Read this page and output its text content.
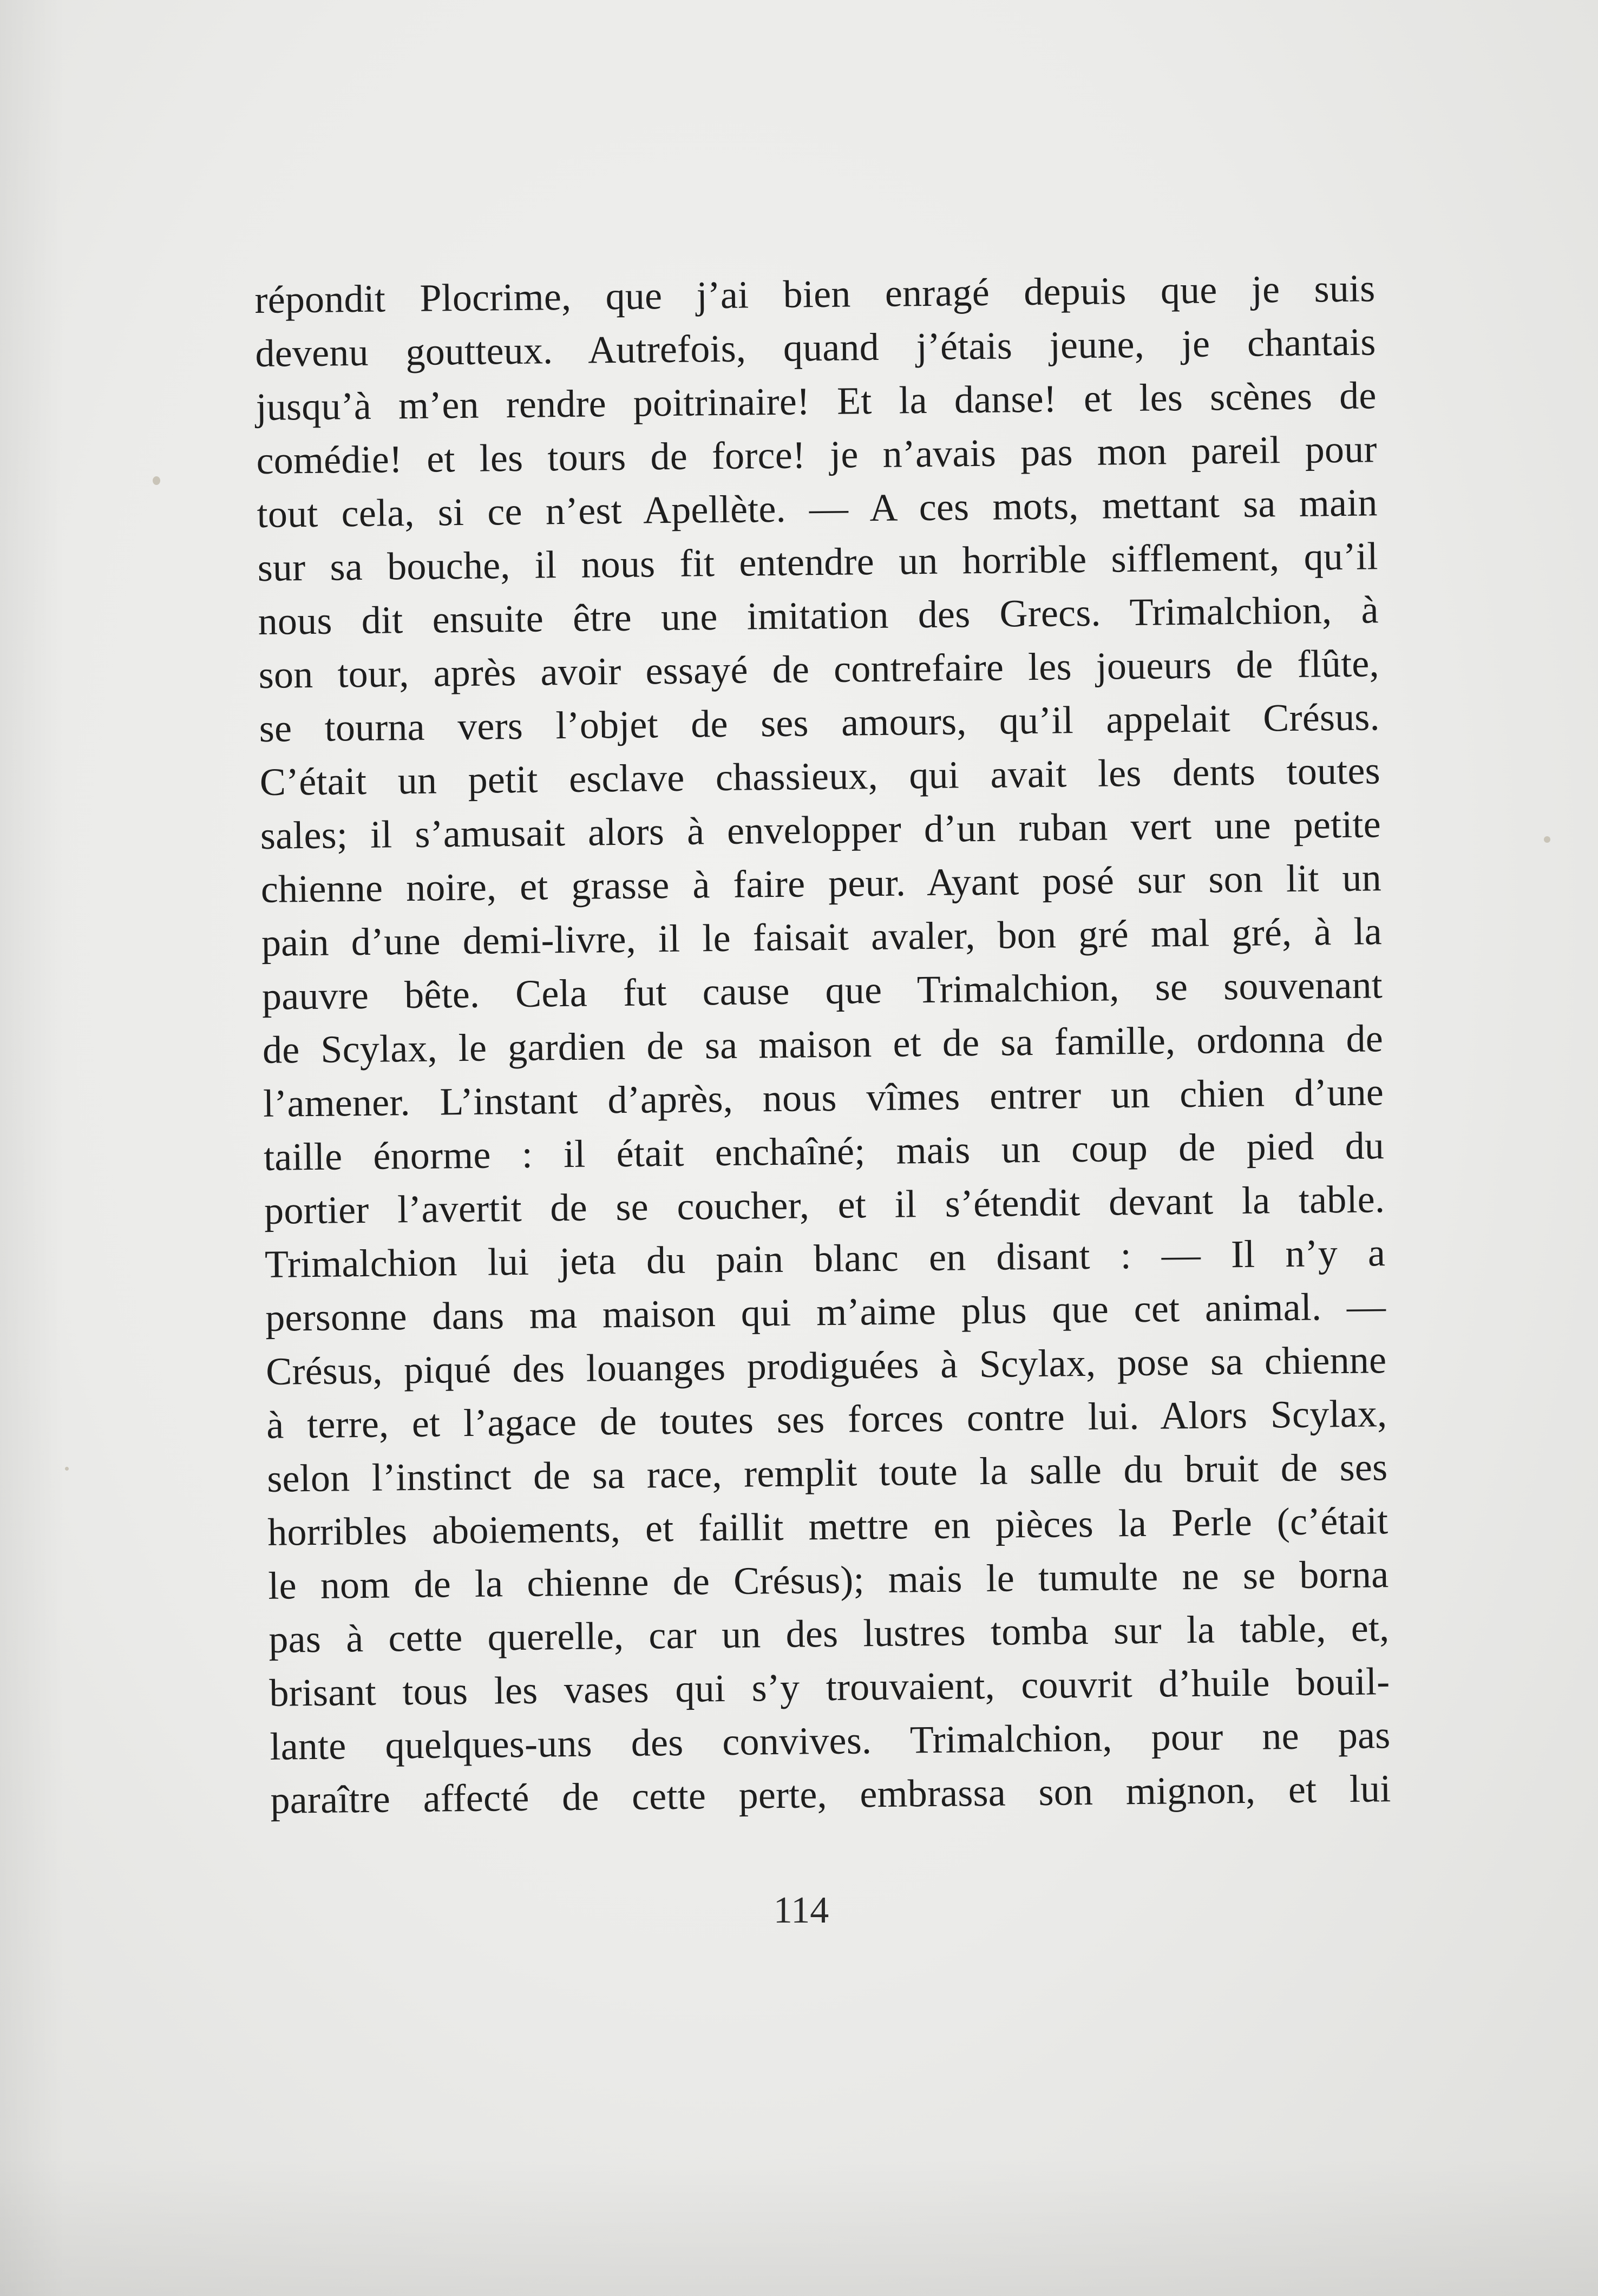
répondit Plocrime, que j’ai bien enragé depuis que je suis
devenu goutteux. Autrefois, quand j’étais jeune, je chantais
jusqu’à m’en rendre poitrinaire! Et la danse! et les scènes de
comédie! et les tours de force! je n’avais pas mon pareil pour
tout cela, si ce n’est Apellète. — A ces mots, mettant sa main
sur sa bouche, il nous fit entendre un horrible sifflement, qu’il
nous dit ensuite être une imitation des Grecs. Trimalchion, à
son tour, après avoir essayé de contrefaire les joueurs de flûte,
se tourna vers l’objet de ses amours, qu’il appelait Crésus.
C’était un petit esclave chassieux, qui avait les dents toutes
sales; il s’amusait alors à envelopper d’un ruban vert une petite
chienne noire, et grasse à faire peur. Ayant posé sur son lit un
pain d’une demi-livre, il le faisait avaler, bon gré mal gré, à la
pauvre bête. Cela fut cause que Trimalchion, se souvenant
de Scylax, le gardien de sa maison et de sa famille, ordonna de
l’amener. L’instant d’après, nous vîmes entrer un chien d’une
taille énorme : il était enchaîné; mais un coup de pied du
portier l’avertit de se coucher, et il s’étendit devant la table.
Trimalchion lui jeta du pain blanc en disant : — Il n’y a
personne dans ma maison qui m’aime plus que cet animal. —
Crésus, piqué des louanges prodiguées à Scylax, pose sa chienne
à terre, et l’agace de toutes ses forces contre lui. Alors Scylax,
selon l’instinct de sa race, remplit toute la salle du bruit de ses
horribles aboiements, et faillit mettre en pièces la Perle (c’était
le nom de la chienne de Crésus); mais le tumulte ne se borna
pas à cette querelle, car un des lustres tomba sur la table, et,
brisant tous les vases qui s’y trouvaient, couvrit d’huile bouil-
lante quelques-uns des convives. Trimalchion, pour ne pas
paraître affecté de cette perte, embrassa son mignon, et lui
114
